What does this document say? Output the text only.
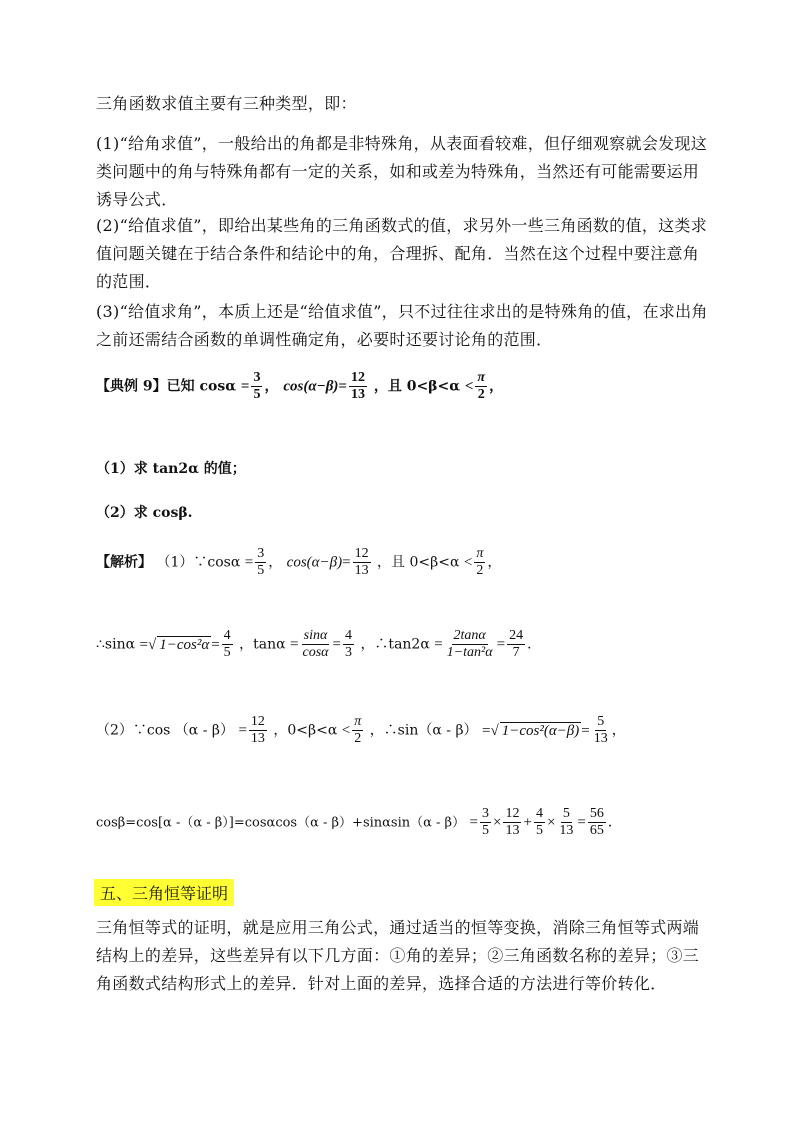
三角函数求值主要有三种类型，即：

(1)“给角求值”，一般给出的角都是非特殊角，从表面看较难，但仔细观察就会发现这类问题中的角与特殊角都有一定的关系，如和或差为特殊角，当然还有可能需要运用诱导公式．

(2)“给值求值”，即给出某些角的三角函数式的值，求另外一些三角函数的值，这类求值问题关键在于结合条件和结论中的角，合理拆、配角．当然在这个过程中要注意角的范围．

(3)“给值求角”，本质上还是“给值求值”，只不过往往求出的是特殊角的值，在求出角之前还需结合函数的单调性确定角，必要时还要讨论角的范围．

【典例 9】已知 $\cos\alpha = \frac{3}{5}$ ， $\cos(\alpha-\beta)= \frac{12}{13}$ ，且 $0<\beta<\alpha < \frac{\pi}{2}$ ，
（1）求 tan2α 的值；
（2）求 cosβ.
【解析】 （1）∵cosα = $\frac{3}{5}$ ， $\cos(\alpha-\beta)= \frac{12}{13}$ ，且 $0<\beta<\alpha < \frac{\pi}{2}$ ，
∴sinα =√ $1-\cos^2\alpha = \frac{4}{5}$ ，$\tan\alpha = \frac{\sin\alpha}{\cos\alpha} = \frac{4}{3}$ ，∴tan2α = $\frac{2\tan\alpha}{\text{1−tan²α}} = \frac{24}{7}$ ．
（2）∵cos $(\alpha - \beta) = \frac{12}{13}$ ，$0<\beta<\alpha < \frac{\pi}{2}$ ，∴sin（α - β） =√ $1-\cos^2(\alpha-\beta) = \frac{5}{13}$ ，
cosβ=cos[α $-(\alpha - \beta)]=\cos\alpha\cos(\alpha - \beta)+\sin\alpha\sin(\alpha - \beta) = \frac{3}{5} \times \frac{12}{13} + \frac{4}{5} \times \frac{5}{13} = \frac{56}{65}$ ．
五、三角恒等证明

三角恒等式的证明，就是应用三角公式，通过适当的恒等变换，消除三角恒等式两端结构上的差异，这些差异有以下几方面：①角的差异；②三角函数名称的差异；③三角函数式结构形式上的差异．针对上面的差异，选择合适的方法进行等价转化．
